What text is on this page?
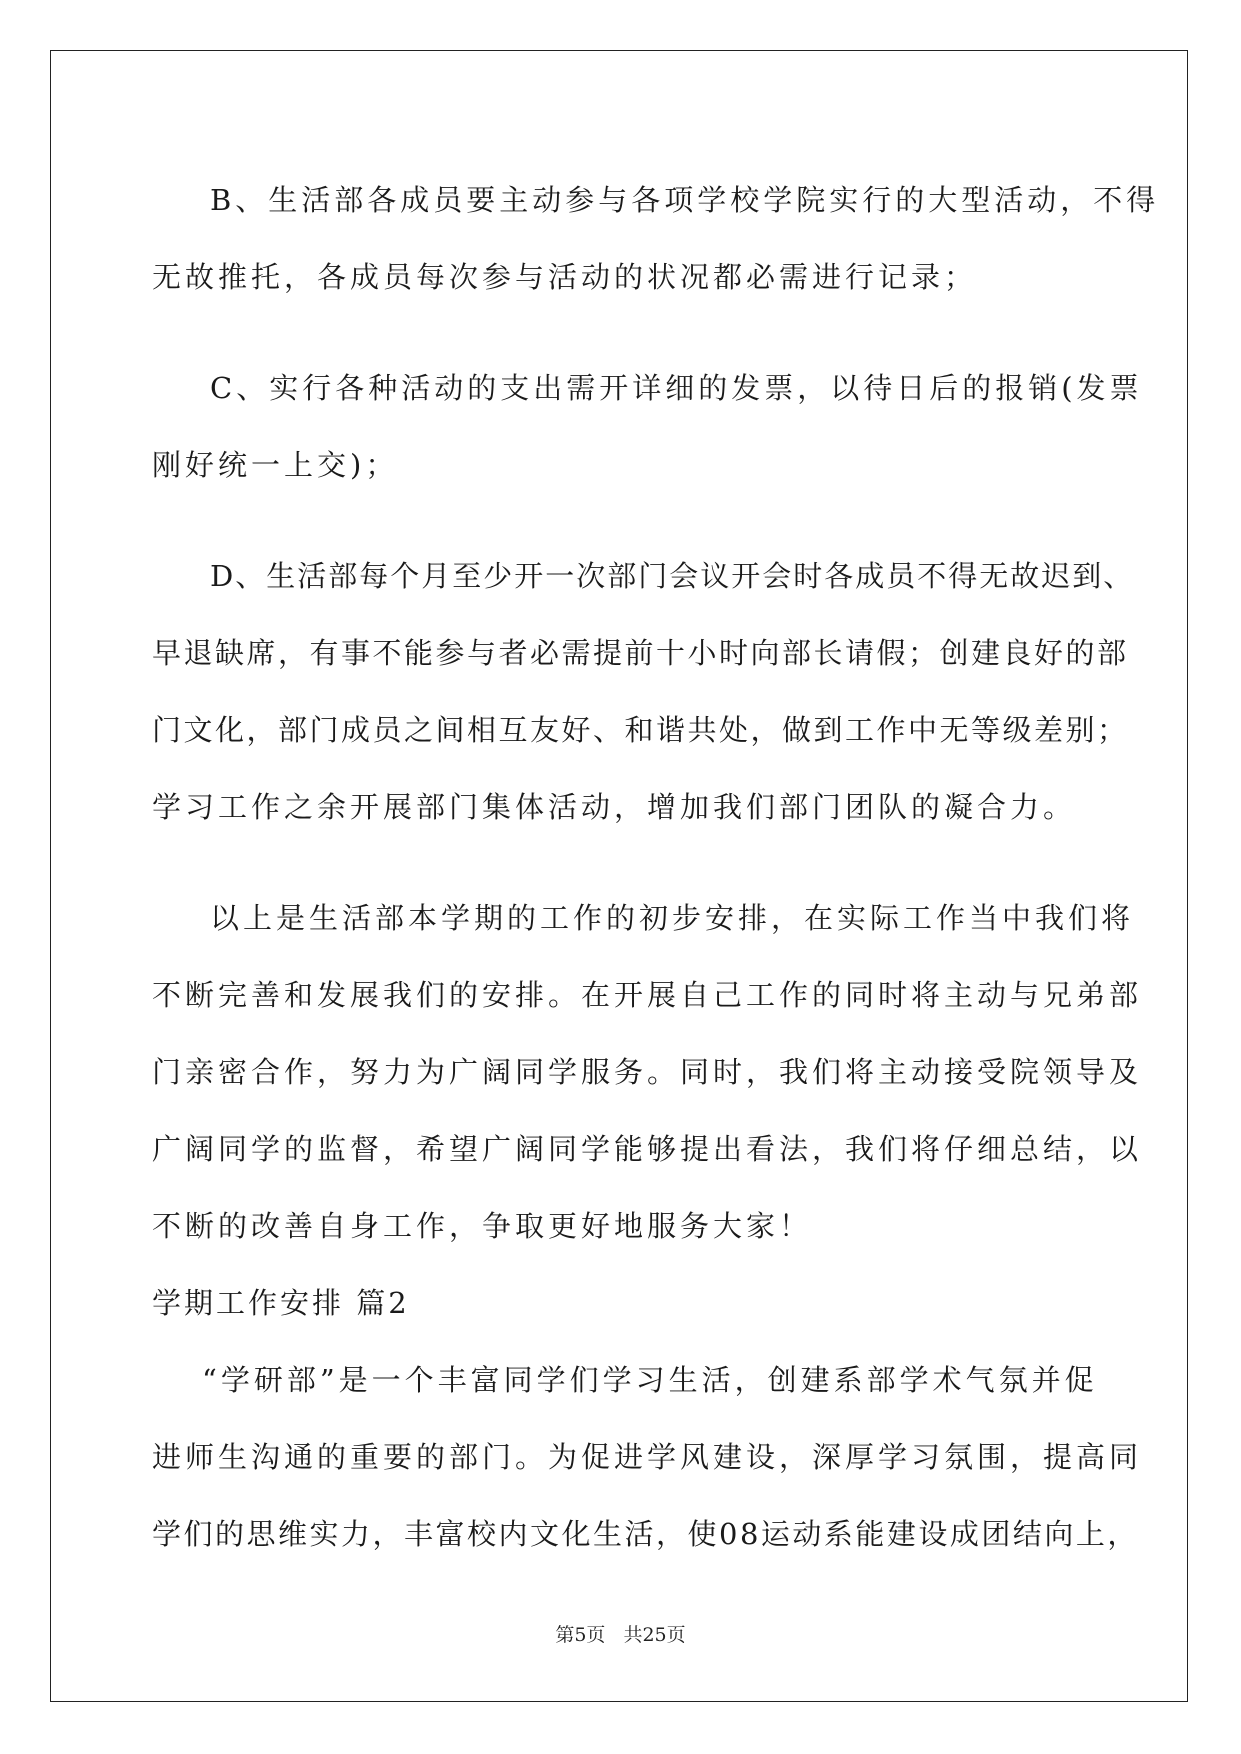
B、生活部各成员要主动参与各项学校学院实行的大型活动，不得
无故推托，各成员每次参与活动的状况都必需进行记录；
C、实行各种活动的支出需开详细的发票，以待日后的报销(发票
刚好统一上交)；
D、生活部每个月至少开一次部门会议开会时各成员不得无故迟到、
早退缺席，有事不能参与者必需提前十小时向部长请假；创建良好的部
门文化，部门成员之间相互友好、和谐共处，做到工作中无等级差别；
学习工作之余开展部门集体活动，增加我们部门团队的凝合力。
以上是生活部本学期的工作的初步安排，在实际工作当中我们将
不断完善和发展我们的安排。在开展自己工作的同时将主动与兄弟部
门亲密合作，努力为广阔同学服务。同时，我们将主动接受院领导及
广阔同学的监督，希望广阔同学能够提出看法，我们将仔细总结，以
不断的改善自身工作，争取更好地服务大家！
学期工作安排 篇2
“学研部”是一个丰富同学们学习生活，创建系部学术气氛并促
进师生沟通的重要的部门。为促进学风建设，深厚学习氛围，提高同
学们的思维实力，丰富校内文化生活，使08运动系能建设成团结向上，
第5页 共25页
